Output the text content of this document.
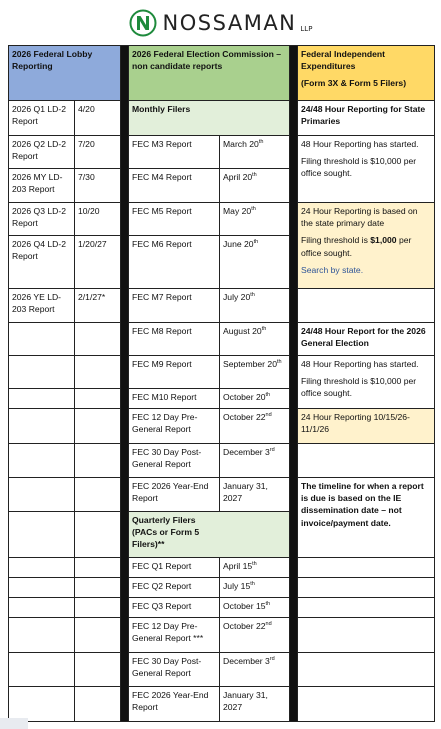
NOSSAMAN LLP
2026 Federal Lobby Reporting			2026 Federal Election Commission – non candidate reports			Federal Independent Expenditures
(Form 3X & Form 5 Filers)

2026 Q1 LD-2 Report	4/20		Monthly Filers			24/48 Hour Reporting for State Primaries
2026 Q2 LD-2 Report	7/20		FEC M3 Report	March 20th		48 Hour Reporting has started.
Filing threshold is $10,000 per office sought.

2026 MY LD-203 Report	7/30		FEC M4 Report	April 20th
2026 Q3 LD-2 Report	10/20		FEC M5 Report	May 20th		24 Hour Reporting is based on the state primary date
Filing threshold is $1,000 per office sought.
Search by state.

2026 Q4 LD-2 Report	1/20/27		FEC M6 Report	June 20th
2026 YE LD-203 Report	2/1/27*		FEC M7 Report	July 20th	
			FEC M8 Report	August 20th		24/48 Hour Report for the 2026 General Election
			FEC M9 Report	September 20th		48 Hour Reporting has started.
Filing threshold is $10,000 per office sought.

			FEC M10 Report	October 20th
			FEC 12 Day Pre-General Report	October 22nd		24 Hour Reporting 10/15/26-11/1/26
			FEC 30 Day Post-General Report	December 3rd	
			FEC 2026 Year-End Report	January 31, 2027		The timeline for when a report is due is based on the IE dissemination date – not invoice/payment date.

			Quarterly Filers (PACs or Form 5 Filers)**			

			FEC Q1 Report	April 15th	
			FEC Q2 Report	July 15th	
			FEC Q3 Report	October 15th	
			FEC 12 Day Pre-General Report ***	October 22nd	
			FEC 30 Day Post-General Report	December 3rd	
			FEC 2026 Year-End Report	January 31, 2027		
